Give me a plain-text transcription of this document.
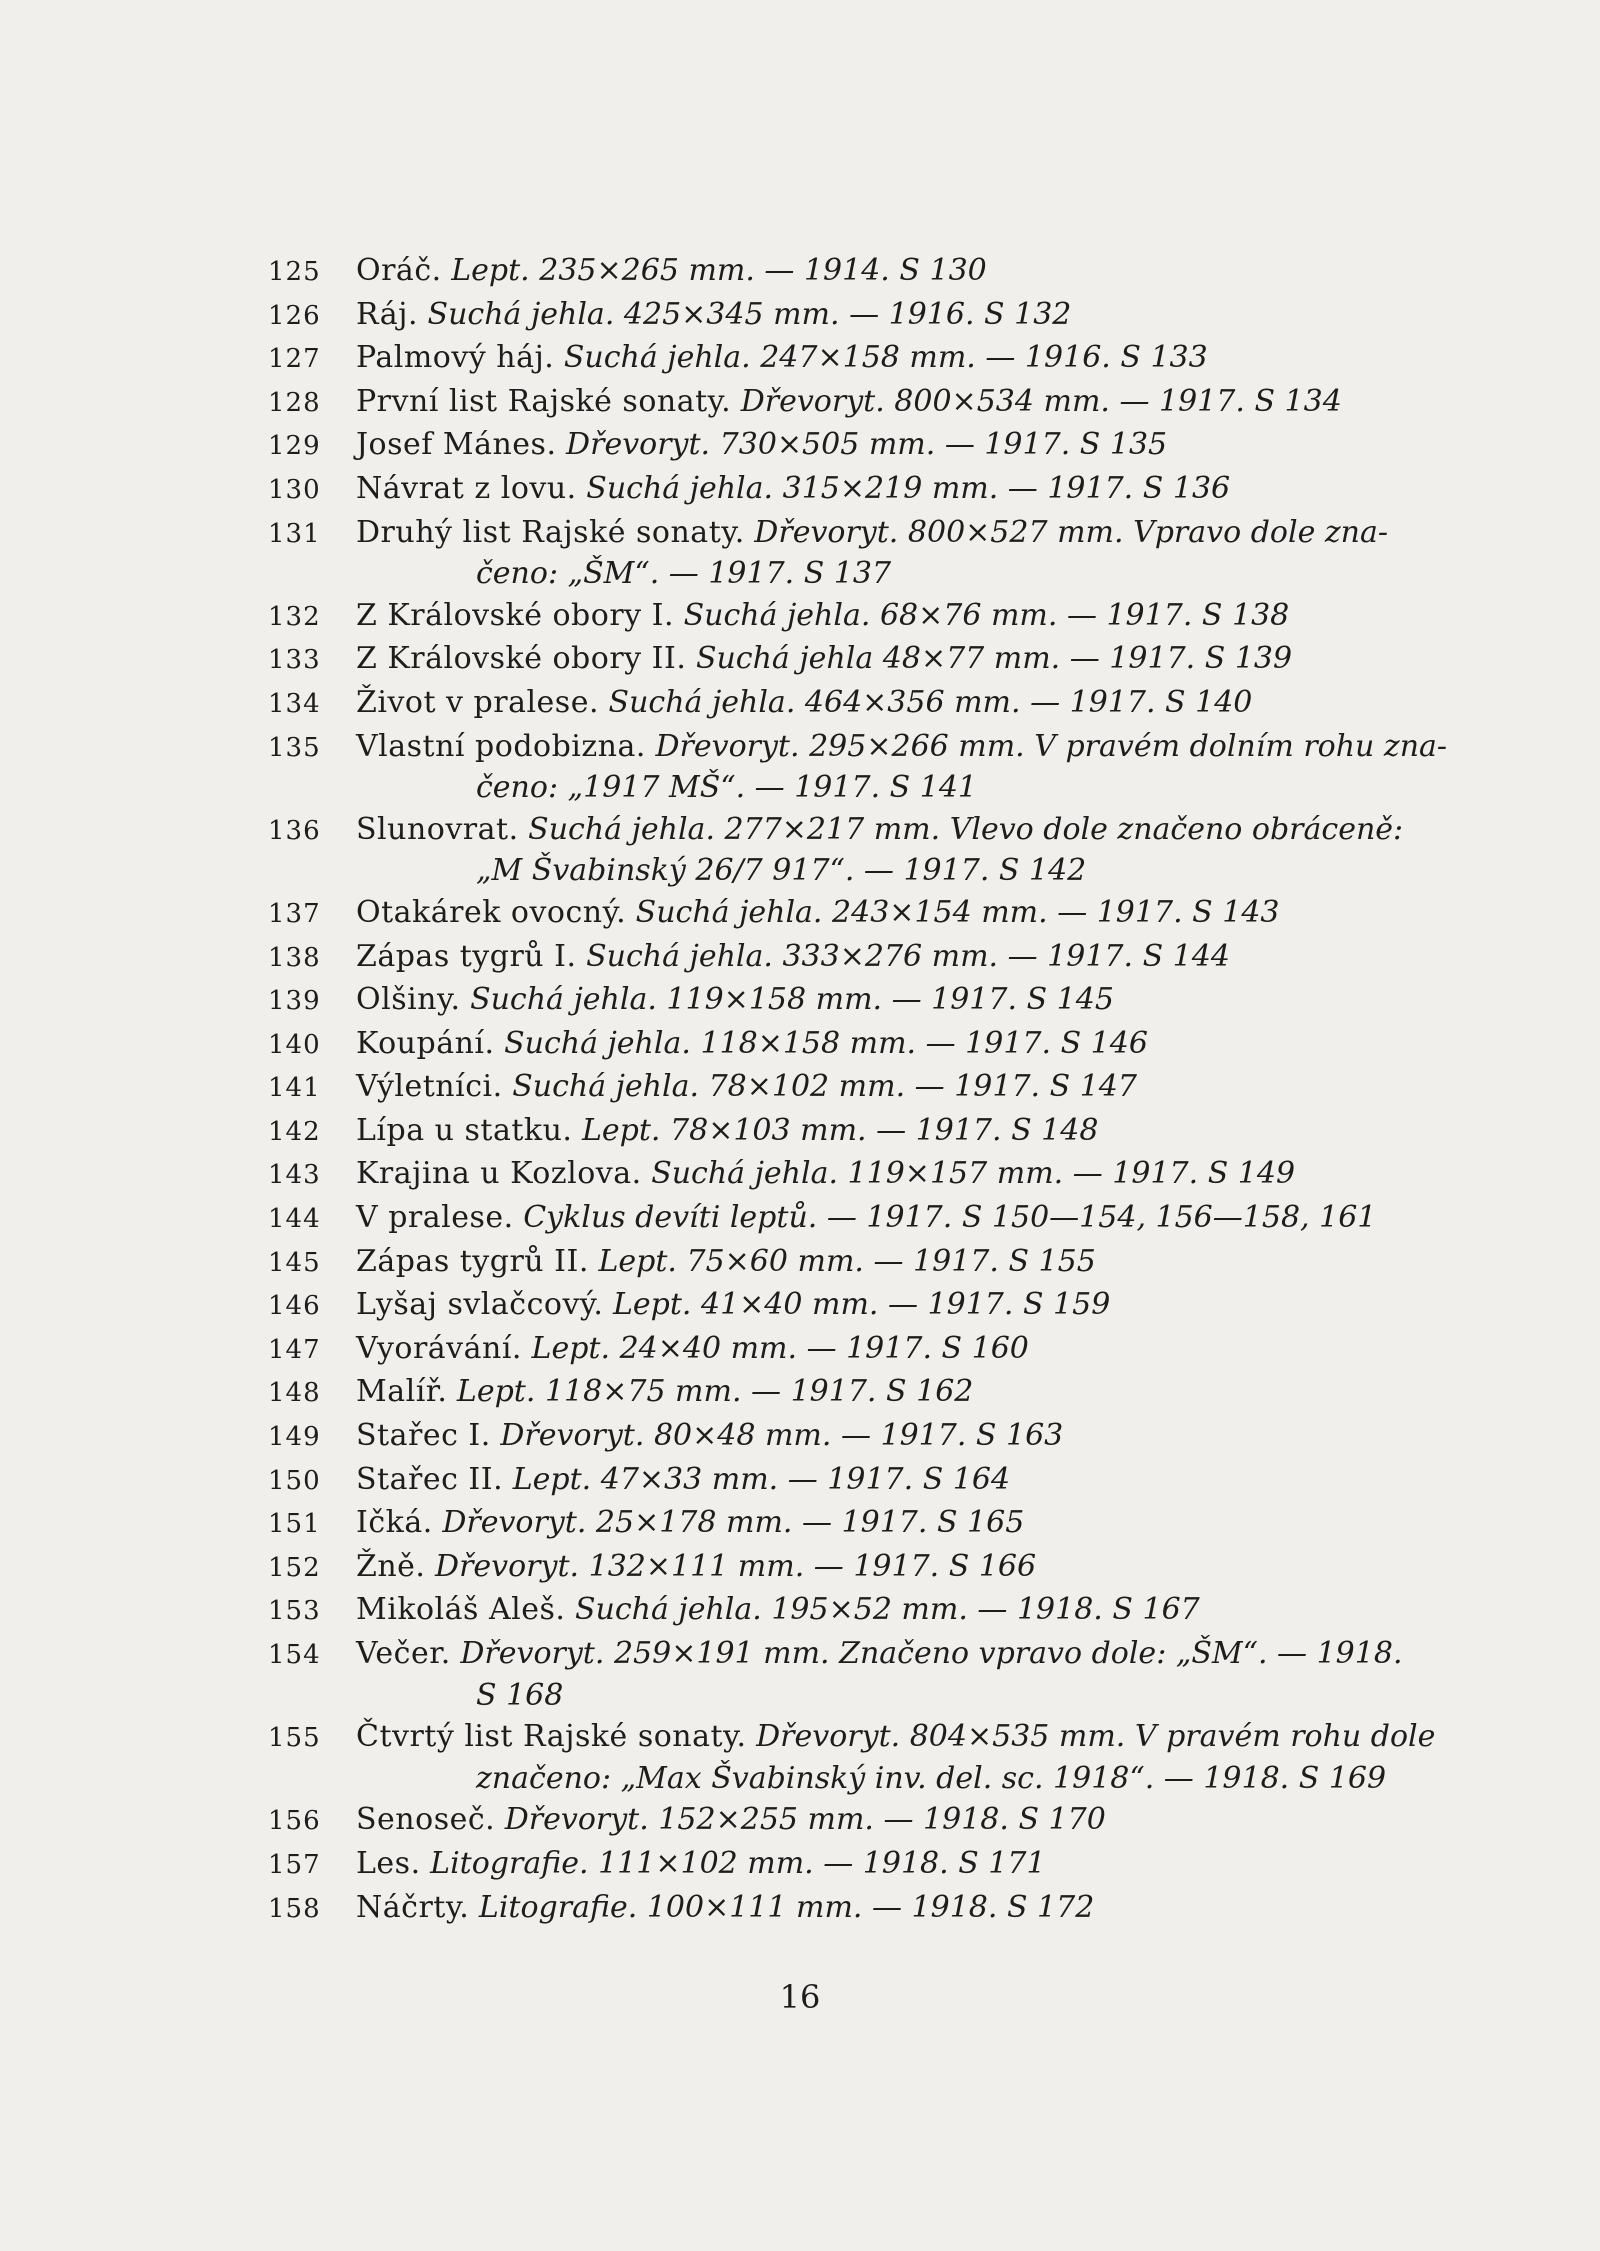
125	Oráč. Lept. 235×265 mm. — 1914. S 130
126	Ráj. Suchá jehla. 425×345 mm. — 1916. S 132
127	Palmový háj. Suchá jehla. 247×158 mm. — 1916. S 133
128	První list Rajské sonaty. Dřevoryt. 800×534 mm. — 1917. S 134
129	Josef Mánes. Dřevoryt. 730×505 mm. — 1917. S 135
130	Návrat z lovu. Suchá jehla. 315×219 mm. — 1917. S 136
131	Druhý list Rajské sonaty. Dřevoryt. 800×527 mm. Vpravo dole zna-
čeno: „ŠM“. — 1917. S 137
132	Z Královské obory I. Suchá jehla. 68×76 mm. — 1917. S 138
133	Z Královské obory II. Suchá jehla 48×77 mm. — 1917. S 139
134	Život v pralese. Suchá jehla. 464×356 mm. — 1917. S 140
135	Vlastní podobizna. Dřevoryt. 295×266 mm. V pravém dolním rohu zna-
čeno: „1917 MŠ“. — 1917. S 141
136	Slunovrat. Suchá jehla. 277×217 mm. Vlevo dole značeno obráceně:
„M Švabinský 26/7 917“. — 1917. S 142
137	Otakárek ovocný. Suchá jehla. 243×154 mm. — 1917. S 143
138	Zápas tygrů I. Suchá jehla. 333×276 mm. — 1917. S 144
139	Olšiny. Suchá jehla. 119×158 mm. — 1917. S 145
140	Koupání. Suchá jehla. 118×158 mm. — 1917. S 146
141	Výletníci. Suchá jehla. 78×102 mm. — 1917. S 147
142	Lípa u statku. Lept. 78×103 mm. — 1917. S 148
143	Krajina u Kozlova. Suchá jehla. 119×157 mm. — 1917. S 149
144	V pralese. Cyklus devíti leptů. — 1917. S 150—154, 156—158, 161
145	Zápas tygrů II. Lept. 75×60 mm. — 1917. S 155
146	Lyšaj svlačcový. Lept. 41×40 mm. — 1917. S 159
147	Vyorávání. Lept. 24×40 mm. — 1917. S 160
148	Malíř. Lept. 118×75 mm. — 1917. S 162
149	Stařec I. Dřevoryt. 80×48 mm. — 1917. S 163
150	Stařec II. Lept. 47×33 mm. — 1917. S 164
151	Ičká. Dřevoryt. 25×178 mm. — 1917. S 165
152	Žně. Dřevoryt. 132×111 mm. — 1917. S 166
153	Mikoláš Aleš. Suchá jehla. 195×52 mm. — 1918. S 167
154	Večer. Dřevoryt. 259×191 mm. Značeno vpravo dole: „ŠM“. — 1918.
S 168
155	Čtvrtý list Rajské sonaty. Dřevoryt. 804×535 mm. V pravém rohu dole
značeno: „Max Švabinský inv. del. sc. 1918“. — 1918. S 169
156	Senoseč. Dřevoryt. 152×255 mm. — 1918. S 170
157	Les. Litografie. 111×102 mm. — 1918. S 171
158	Náčrty. Litografie. 100×111 mm. — 1918. S 172
16
